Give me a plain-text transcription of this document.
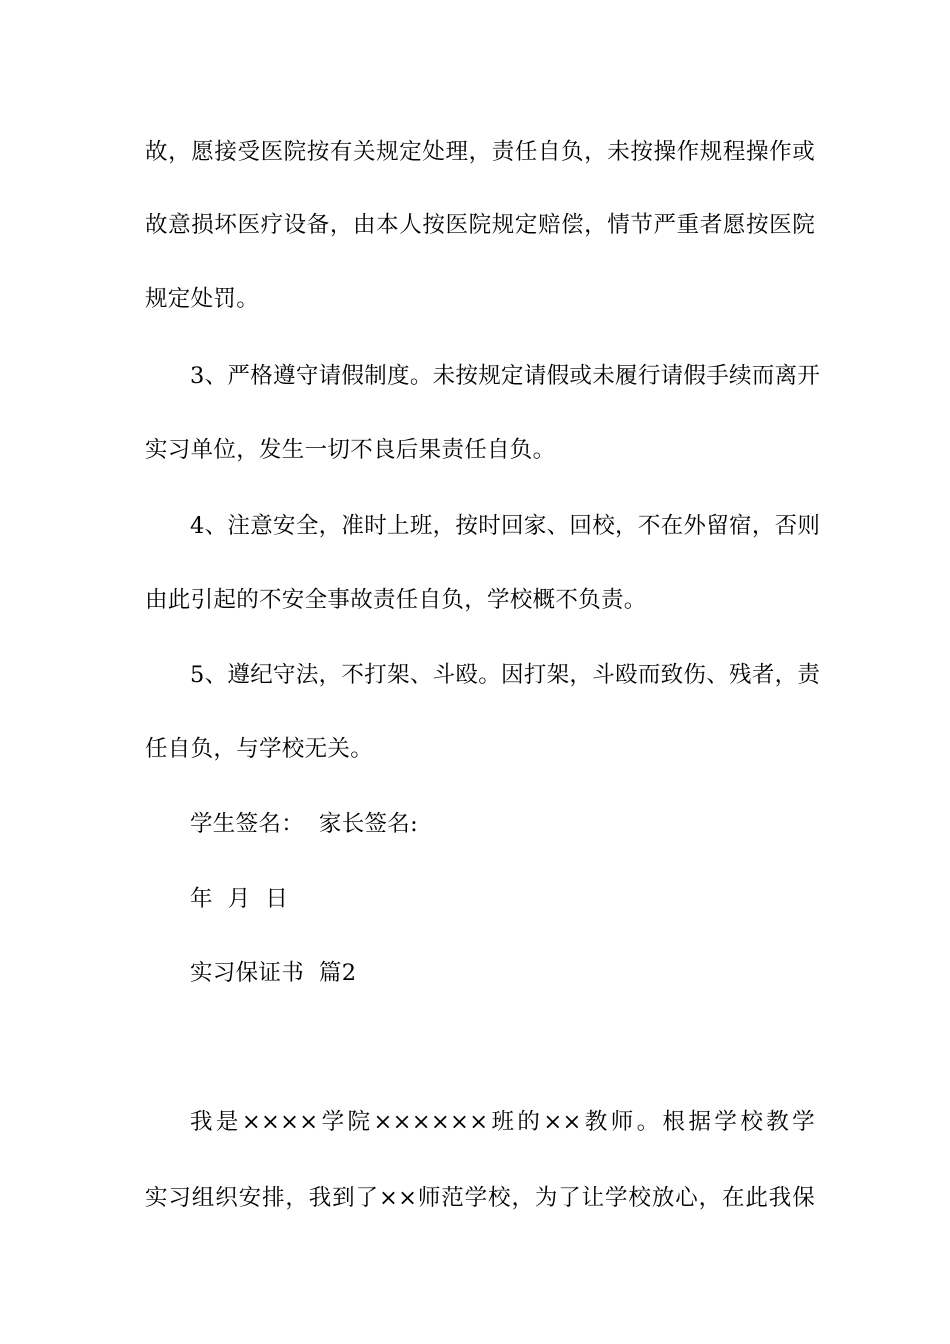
故，愿接受医院按有关规定处理，责任自负，未按操作规程操作或
故意损坏医疗设备，由本人按医院规定赔偿，情节严重者愿按医院
规定处罚。
3、严格遵守请假制度。未按规定请假或未履行请假手续而离开
实习单位，发生一切不良后果责任自负。
4、注意安全，准时上班，按时回家、回校，不在外留宿，否则
由此引起的不安全事故责任自负，学校概不负责。
5、遵纪守法，不打架、斗殴。因打架，斗殴而致伤、残者，责
任自负，与学校无关。
学生签名：  家长签名:
年  月  日
实习保证书  篇2
我是××××学院××××××班的××教师。根据学校教学
实习组织安排，我到了××师范学校，为了让学校放心，在此我保
